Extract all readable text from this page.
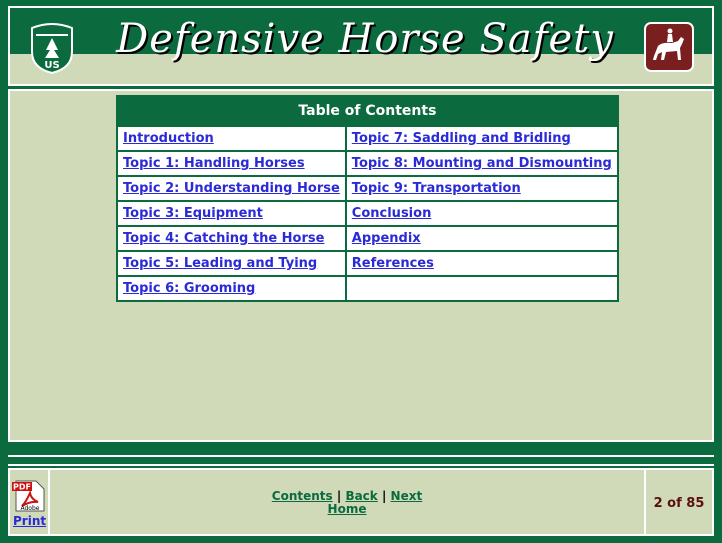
US
Defensive Horse Safety
Table of Contents	
Introduction	Topic 7: Saddling and Bridling
Topic 1: Handling Horses	Topic 8: Mounting and Dismounting
Topic 2: Understanding Horse	Topic 9: Transportation
Topic 3: Equipment	Conclusion
Topic 4: Catching the Horse	Appendix
Topic 5: Leading and Tying	References
Topic 6: Grooming	
PDF
Adobe
Print
Contents | Back | Next
Home	2 of 85
